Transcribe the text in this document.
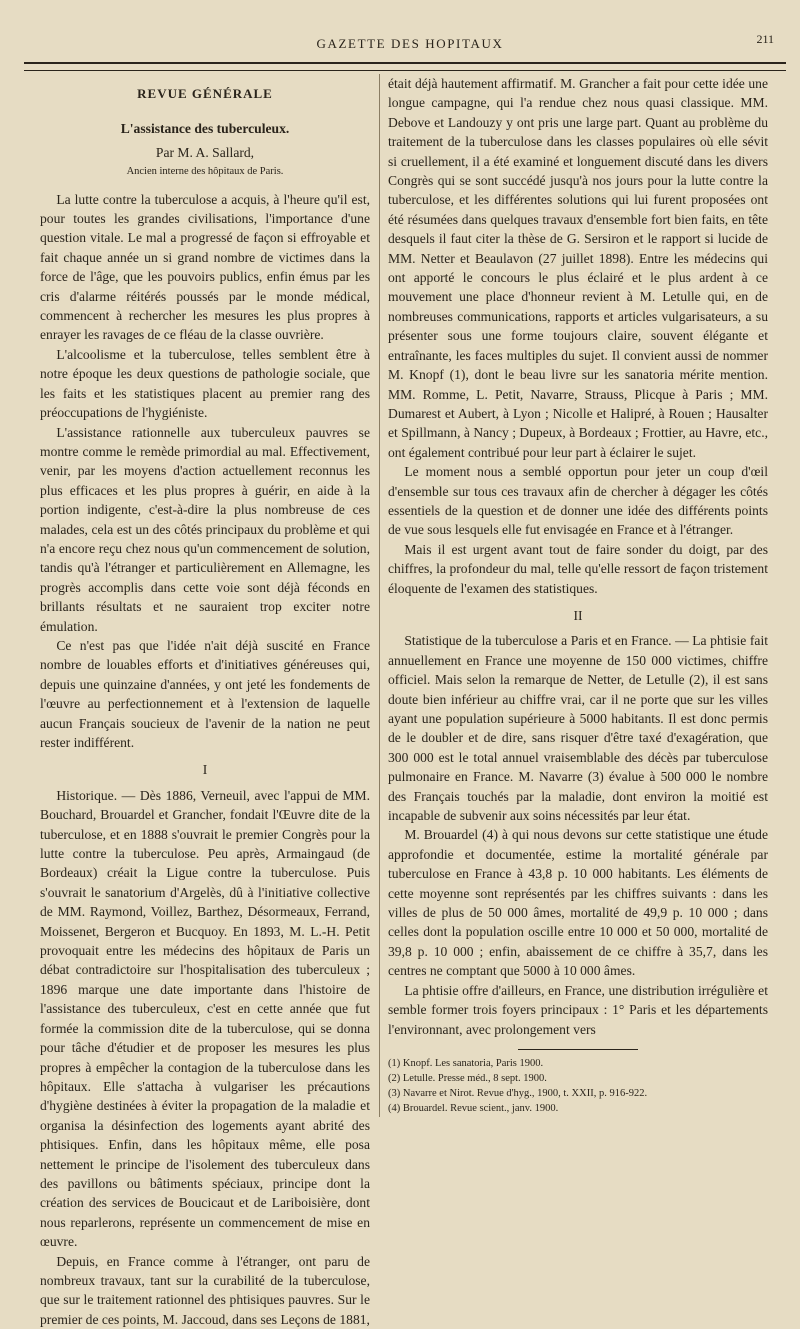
GAZETTE DES HOPITAUX	211
REVUE GÉNÉRALE
L'assistance des tuberculeux.
Par M. A. Sallard,
Ancien interne des hôpitaux de Paris.

La lutte contre la tuberculose a acquis, à l'heure qu'il est, pour toutes les grandes civilisations, l'importance d'une question vitale. Le mal a progressé de façon si effroyable et fait chaque année un si grand nombre de victimes dans la force de l'âge, que les pouvoirs publics, enfin émus par les cris d'alarme réitérés poussés par le monde médical, commencent à rechercher les mesures les plus propres à enrayer les ravages de ce fléau de la classe ouvrière.

L'alcoolisme et la tuberculose, telles semblent être à notre époque les deux questions de pathologie sociale, que les faits et les statistiques placent au premier rang des préoccupations de l'hygiéniste.

L'assistance rationnelle aux tuberculeux pauvres se montre comme le remède primordial au mal. Effectivement, venir, par les moyens d'action actuellement reconnus les plus efficaces et les plus propres à guérir, en aide à la portion indigente, c'est-à-dire la plus nombreuse de ces malades, cela est un des côtés principaux du problème et qui n'a encore reçu chez nous qu'un commencement de solution, tandis qu'à l'étranger et particulièrement en Allemagne, les progrès accomplis dans cette voie sont déjà féconds en brillants résultats et ne sauraient trop exciter notre émulation.

Ce n'est pas que l'idée n'ait déjà suscité en France nombre de louables efforts et d'initiatives généreuses qui, depuis une quinzaine d'années, y ont jeté les fondements de l'œuvre au perfectionnement et à l'extension de laquelle aucun Français soucieux de l'avenir de la nation ne peut rester indifférent.

I

Historique. — Dès 1886, Verneuil, avec l'appui de MM. Bouchard, Brouardel et Grancher, fondait l'Œuvre dite de la tuberculose, et en 1888 s'ouvrait le premier Congrès pour la lutte contre la tuberculose. Peu après, Armaingaud (de Bordeaux) créait la Ligue contre la tuberculose. Puis s'ouvrait le sanatorium d'Argelès, dû à l'initiative collective de MM. Raymond, Voillez, Barthez, Désormeaux, Ferrand, Moissenet, Bergeron et Bucquoy. En 1893, M. L.-H. Petit provoquait entre les médecins des hôpitaux de Paris un débat contradictoire sur l'hospitalisation des tuberculeux ; 1896 marque une date importante dans l'histoire de l'assistance des tuberculeux, c'est en cette année que fut formée la commission dite de la tuberculose, qui se donna pour tâche d'étudier et de proposer les mesures les plus propres à empêcher la contagion de la tuberculose dans les hôpitaux. Elle s'attacha à vulgariser les précautions d'hygiène destinées à éviter la propagation de la maladie et organisa la désinfection des logements ayant abrité des phtisiques. Enfin, dans les hôpitaux même, elle posa nettement le principe de l'isolement des tuberculeux dans des pavillons ou bâtiments spéciaux, principe dont la création des services de Boucicaut et de Lariboisière, dont nous reparlerons, représente un commencement de mise en œuvre.

Depuis, en France comme à l'étranger, ont paru de nombreux travaux, tant sur la curabilité de la tuberculose, que sur le traitement rationnel des phtisiques pauvres. Sur le premier de ces points, M. Jaccoud, dans ses Leçons de 1881,

était déjà hautement affirmatif. M. Grancher a fait pour cette idée une longue campagne, qui l'a rendue chez nous quasi classique. MM. Debove et Landouzy y ont pris une large part. Quant au problème du traitement de la tuberculose dans les classes populaires où elle sévit si cruellement, il a été examiné et longuement discuté dans les divers Congrès qui se sont succédé jusqu'à nos jours pour la lutte contre la tuberculose, et les différentes solutions qui lui furent proposées ont été résumées dans quelques travaux d'ensemble fort bien faits, en tête desquels il faut citer la thèse de G. Sersiron et le rapport si lucide de MM. Netter et Beaulavon (27 juillet 1898). Entre les médecins qui ont apporté le concours le plus éclairé et le plus ardent à ce mouvement une place d'honneur revient à M. Letulle qui, en de nombreuses communications, rapports et articles vulgarisateurs, a su présenter sous une forme toujours claire, souvent élégante et entraînante, les faces multiples du sujet. Il convient aussi de nommer M. Knopf (1), dont le beau livre sur les sanatoria mérite mention. MM. Romme, L. Petit, Navarre, Strauss, Plicque à Paris ; MM. Dumarest et Aubert, à Lyon ; Nicolle et Halipré, à Rouen ; Hausalter et Spillmann, à Nancy ; Dupeux, à Bordeaux ; Frottier, au Havre, etc., ont également contribué pour leur part à éclairer le sujet.

Le moment nous a semblé opportun pour jeter un coup d'œil d'ensemble sur tous ces travaux afin de chercher à dégager les côtés essentiels de la question et de donner une idée des différents points de vue sous lesquels elle fut envisagée en France et à l'étranger.

Mais il est urgent avant tout de faire sonder du doigt, par des chiffres, la profondeur du mal, telle qu'elle ressort de façon tristement éloquente de l'examen des statistiques.

II

Statistique de la tuberculose a Paris et en France. — La phtisie fait annuellement en France une moyenne de 150 000 victimes, chiffre officiel. Mais selon la remarque de Netter, de Letulle (2), il est sans doute bien inférieur au chiffre vrai, car il ne porte que sur les villes ayant une population supérieure à 5000 habitants. Il est donc permis de le doubler et de dire, sans risquer d'être taxé d'exagération, que 300 000 est le total annuel vraisemblable des décès par tuberculose pulmonaire en France. M. Navarre (3) évalue à 500 000 le nombre des Français touchés par la maladie, dont environ la moitié est incapable de subvenir aux soins nécessités par leur état.

M. Brouardel (4) à qui nous devons sur cette statistique une étude approfondie et documentée, estime la mortalité générale par tuberculose en France à 43,8 p. 10 000 habitants. Les éléments de cette moyenne sont représentés par les chiffres suivants : dans les villes de plus de 50 000 âmes, mortalité de 49,9 p. 10 000 ; dans celles dont la population oscille entre 10 000 et 50 000, mortalité de 39,8 p. 10 000 ; enfin, abaissement de ce chiffre à 35,7, dans les centres ne comptant que 5000 à 10 000 âmes.

La phtisie offre d'ailleurs, en France, une distribution irrégulière et semble former trois foyers principaux : 1° Paris et les départements l'environnant, avec prolongement vers

(1) Knopf. Les sanatoria, Paris 1900.
(2) Letulle. Presse méd., 8 sept. 1900.
(3) Navarre et Nirot. Revue d'hyg., 1900, t. XXII, p. 916-922.
(4) Brouardel. Revue scient., janv. 1900.
